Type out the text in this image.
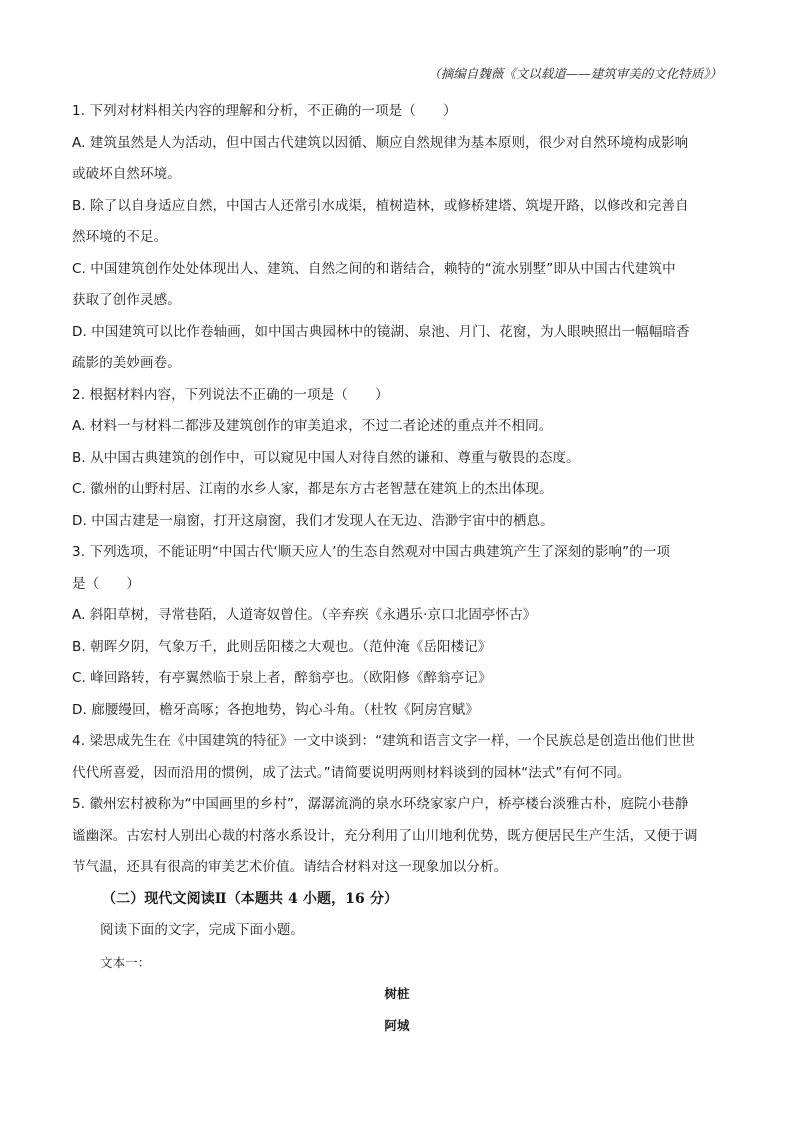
（摘编自魏薇《文以载道——建筑审美的文化特质》）
1. 下列对材料相关内容的理解和分析，不正确的一项是（　　）
A. 建筑虽然是人为活动，但中国古代建筑以因循、顺应自然规律为基本原则，很少对自然环境构成影响
或破坏自然环境。
B. 除了以自身适应自然，中国古人还常引水成渠，植树造林，或修桥建塔、筑堤开路，以修改和完善自
然环境的不足。
C. 中国建筑创作处处体现出人、建筑、自然之间的和谐结合，赖特的“流水别墅”即从中国古代建筑中
获取了创作灵感。
D. 中国建筑可以比作卷轴画，如中国古典园林中的镜湖、泉池、月门、花窗，为人眼映照出一幅幅暗香
疏影的美妙画卷。
2. 根据材料内容，下列说法不正确的一项是（　　）
A. 材料一与材料二都涉及建筑创作的审美追求，不过二者论述的重点并不相同。
B. 从中国古典建筑的创作中，可以窥见中国人对待自然的谦和、尊重与敬畏的态度。
C. 徽州的山野村居、江南的水乡人家，都是东方古老智慧在建筑上的杰出体现。
D. 中国古建是一扇窗，打开这扇窗，我们才发现人在无边、浩渺宇宙中的栖息。
3. 下列选项，不能证明“中国古代‘顺天应人’的生态自然观对中国古典建筑产生了深刻的影响”的一项
是（　　）
A. 斜阳草树，寻常巷陌，人道寄奴曾住。（辛弃疾《永遇乐·京口北固亭怀古》
B. 朝晖夕阴，气象万千，此则岳阳楼之大观也。（范仲淹《岳阳楼记》
C. 峰回路转，有亭翼然临于泉上者，醉翁亭也。（欧阳修《醉翁亭记》
D. 廊腰缦回，檐牙高啄；各抱地势，钩心斗角。（杜牧《阿房宫赋》
4. 梁思成先生在《中国建筑的特征》一文中谈到：“建筑和语言文字一样，一个民族总是创造出他们世世
代代所喜爱，因而沿用的惯例，成了法式。”请简要说明两则材料谈到的园林“法式”有何不同。
5. 徽州宏村被称为“中国画里的乡村”，潺潺流淌的泉水环绕家家户户，桥亭楼台淡雅古朴，庭院小巷静
谧幽深。古宏村人别出心裁的村落水系设计，充分利用了山川地利优势，既方便居民生产生活，又便于调
节气温，还具有很高的审美艺术价值。请结合材料对这一现象加以分析。
（二）现代文阅读Ⅱ（本题共 4 小题，16 分）
阅读下面的文字，完成下面小题。
文本一：
树桩
阿城
